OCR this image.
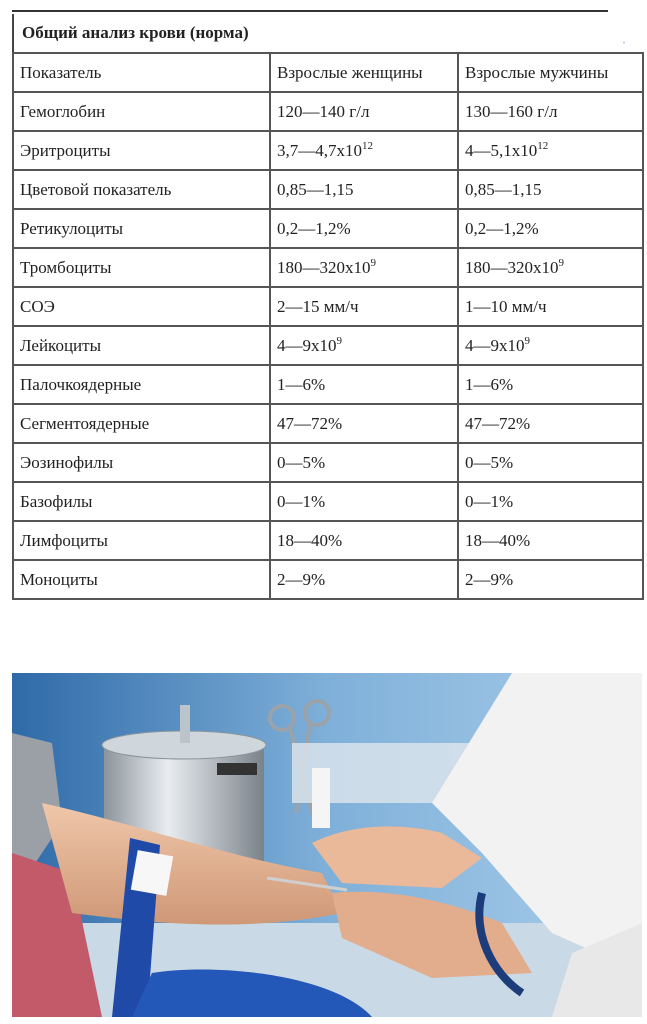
Общий анализ крови (норма)
Показатель	Взрослые женщины	Взрослые мужчины
Гемоглобин	120—140 г/л	130—160 г/л
Эритроциты	$3,7—4,7х10^{12}$	$4—5,1х10^{12}$
Цветовой показатель	0,85—1,15	0,85—1,15
Ретикулоциты	0,2—1,2%	0,2—1,2%
Тромбоциты	$180—320х10^9$	$180—320х10^9$
СОЭ	2—15 мм/ч	1—10 мм/ч
Лейкоциты	$4—9х10^9$	$4—9х10^9$
Палочкоядерные	1—6%	1—6%
Сегментоядерные	47—72%	47—72%
Эозинофилы	0—5%	0—5%
Базофилы	0—1%	0—1%
Лимфоциты	18—40%	18—40%
Моноциты	2—9%	2—9%
ˌ
